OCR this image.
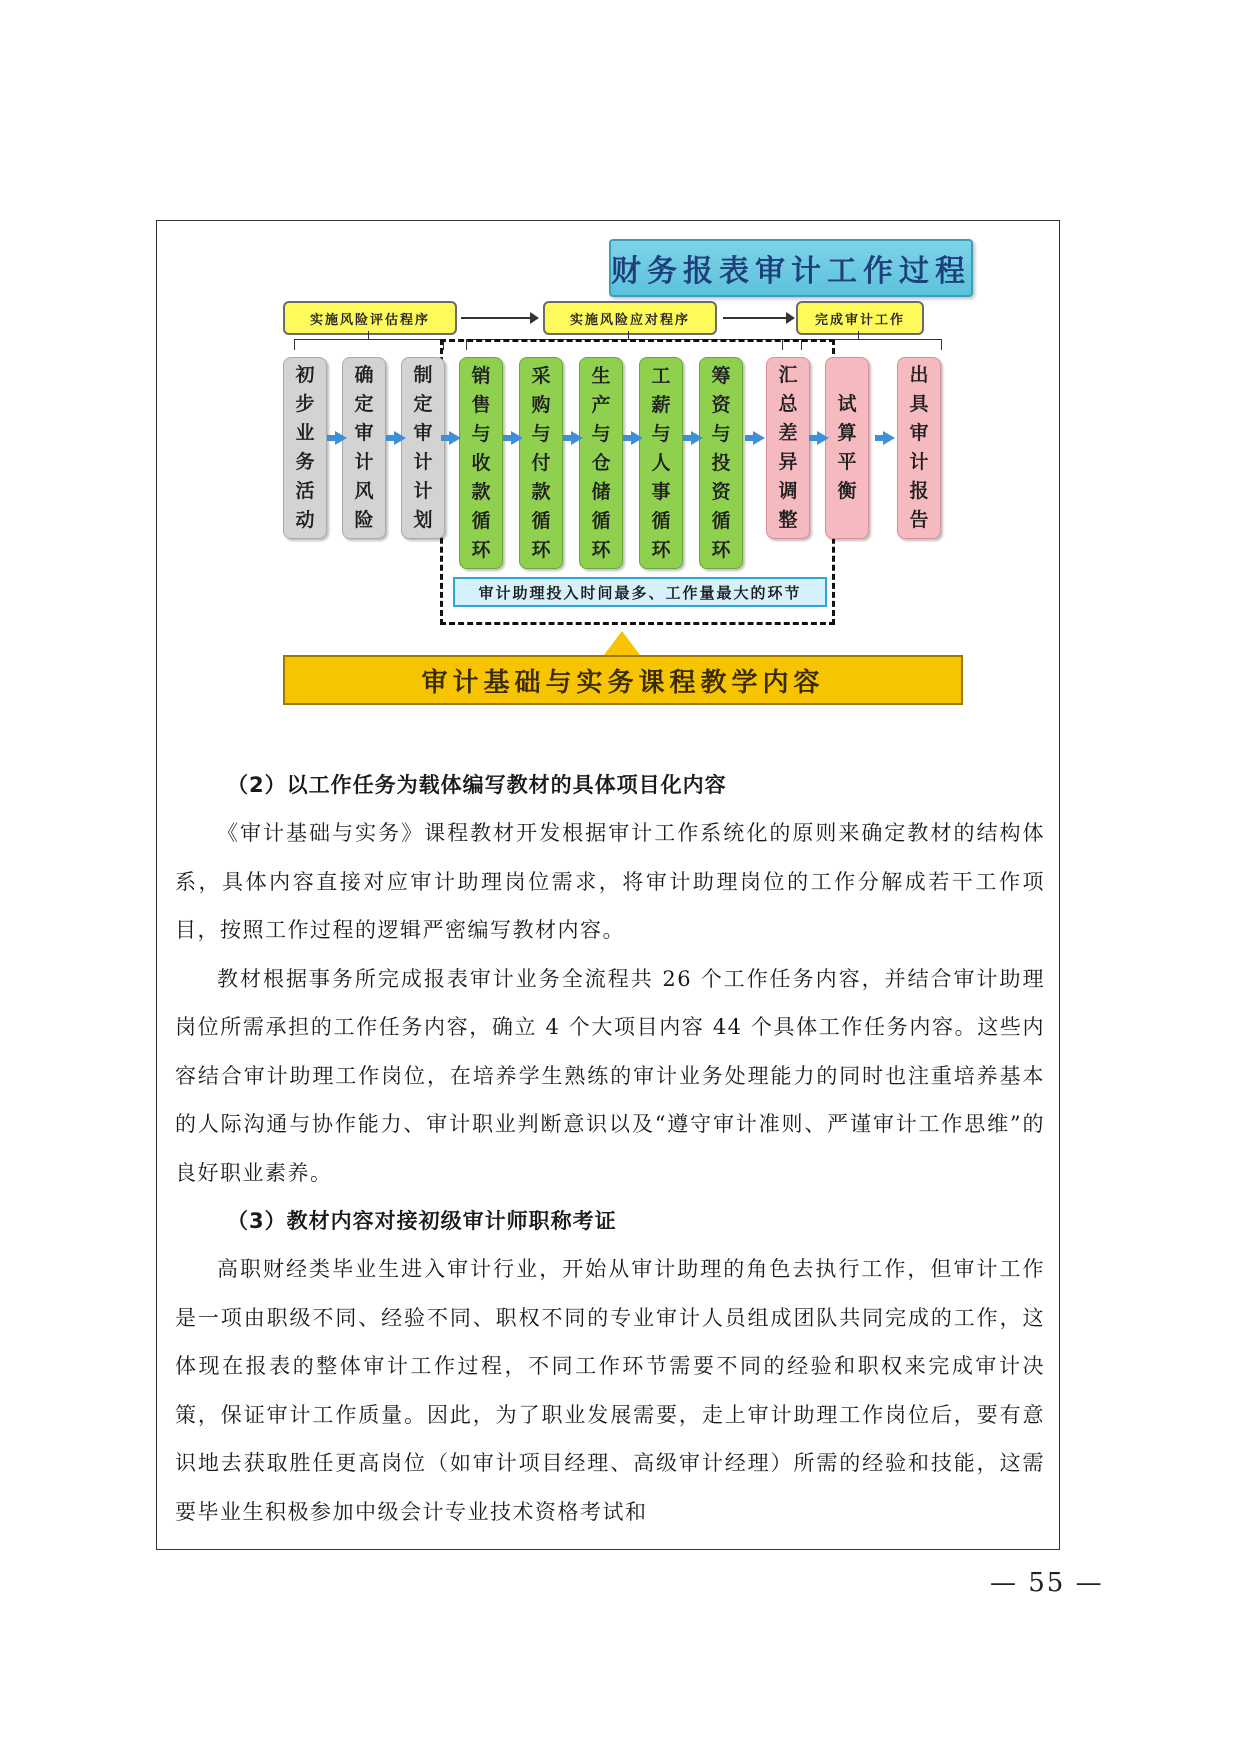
财务报表审计工作过程
实施风险评估程序	实施风险应对程序	完成审计工作
初
步
业
务
活
动
确
定
审
计
风
险
制
定
审
计
计
划
销
售
与
收
款
循
环
采
购
与
付
款
循
环
生
产
与
仓
储
循
环
工
薪
与
人
事
循
环
筹
资
与
投
资
循
环
汇
总
差
异
调
整
试
算
平
衡
出
具
审
计
报
告
审计助理投入时间最多、工作量最大的环节
审计基础与实务课程教学内容
（2）以工作任务为载体编写教材的具体项目化内容

《审计基础与实务》课程教材开发根据审计工作系统化的原则来确定教材的结构体系，具体内容直接对应审计助理岗位需求，将审计助理岗位的工作分解成若干工作项目，按照工作过程的逻辑严密编写教材内容。

教材根据事务所完成报表审计业务全流程共 26 个工作任务内容，并结合审计助理岗位所需承担的工作任务内容，确立 4 个大项目内容 44 个具体工作任务内容。这些内容结合审计助理工作岗位，在培养学生熟练的审计业务处理能力的同时也注重培养基本的人际沟通与协作能力、审计职业判断意识以及“遵守审计准则、严谨审计工作思维”的良好职业素养。

（3）教材内容对接初级审计师职称考证

高职财经类毕业生进入审计行业，开始从审计助理的角色去执行工作，但审计工作是一项由职级不同、经验不同、职权不同的专业审计人员组成团队共同完成的工作，这体现在报表的整体审计工作过程，不同工作环节需要不同的经验和职权来完成审计决策，保证审计工作质量。因此，为了职业发展需要，走上审计助理工作岗位后，要有意识地去获取胜任更高岗位（如审计项目经理、高级审计经理）所需的经验和技能，这需要毕业生积极参加中级会计专业技术资格考试和

— 55 —
